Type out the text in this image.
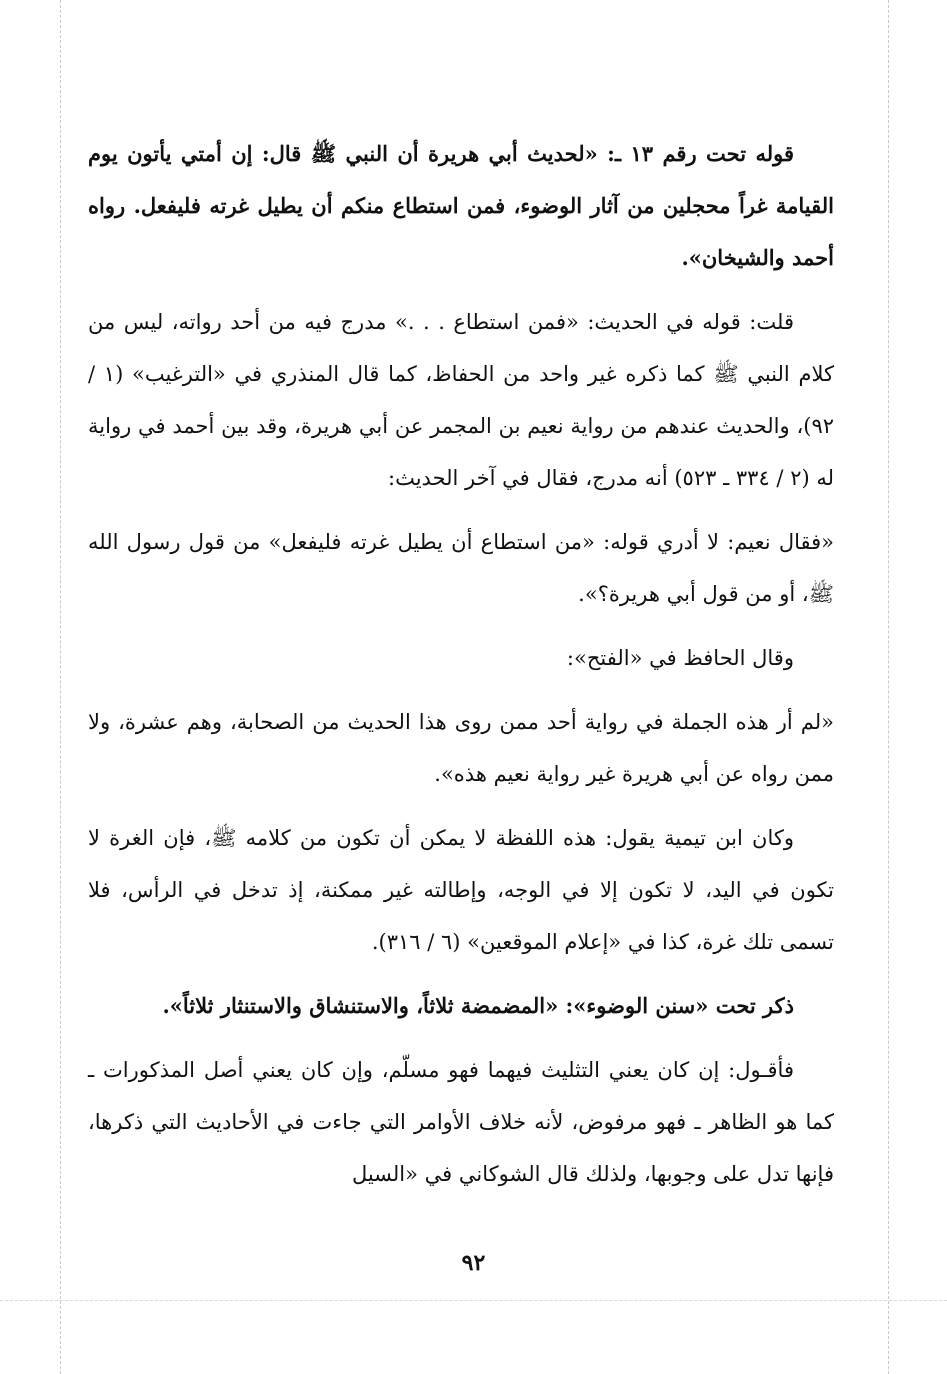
قوله تحت رقم ١٣ ـ: «لحديث أبي هريرة أن النبي ﷺ قال: إن أمتي يأتون يوم القيامة غراً محجلين من آثار الوضوء، فمن استطاع منكم أن يطيل غرته فليفعل. رواه أحمد والشيخان».

قلت: قوله في الحديث: «فمن استطاع . . .» مدرج فيه من أحد رواته، ليس من كلام النبي ﷺ كما ذكره غير واحد من الحفاظ، كما قال المنذري في «الترغيب» (١ / ٩٢)، والحديث عندهم من رواية نعيم بن المجمر عن أبي هريرة، وقد بين أحمد في رواية له (٢ / ٣٣٤ ـ ٥٢٣) أنه مدرج، فقال في آخر الحديث:

«فقال نعيم: لا أدري قوله: «من استطاع أن يطيل غرته فليفعل» من قول رسول الله ﷺ، أو من قول أبي هريرة؟».

وقال الحافظ في «الفتح»:

«لم أر هذه الجملة في رواية أحد ممن روى هذا الحديث من الصحابة، وهم عشرة، ولا ممن رواه عن أبي هريرة غير رواية نعيم هذه».

وكان ابن تيمية يقول: هذه اللفظة لا يمكن أن تكون من كلامه ﷺ، فإن الغرة لا تكون في اليد، لا تكون إلا في الوجه، وإطالته غير ممكنة، إذ تدخل في الرأس، فلا تسمى تلك غرة، كذا في «إعلام الموقعين» (٦ / ٣١٦).

ذكر تحت «سنن الوضوء»: «المضمضة ثلاثاً، والاستنشاق والاستنثار ثلاثاً».

فأقـول: إن كان يعني التثليث فيهما فهو مسلّم، وإن كان يعني أصل المذكورات ـ كما هو الظاهر ـ فهو مرفوض، لأنه خلاف الأوامر التي جاءت في الأحاديث التي ذكرها، فإنها تدل على وجوبها، ولذلك قال الشوكاني في «السيل

٩٢
